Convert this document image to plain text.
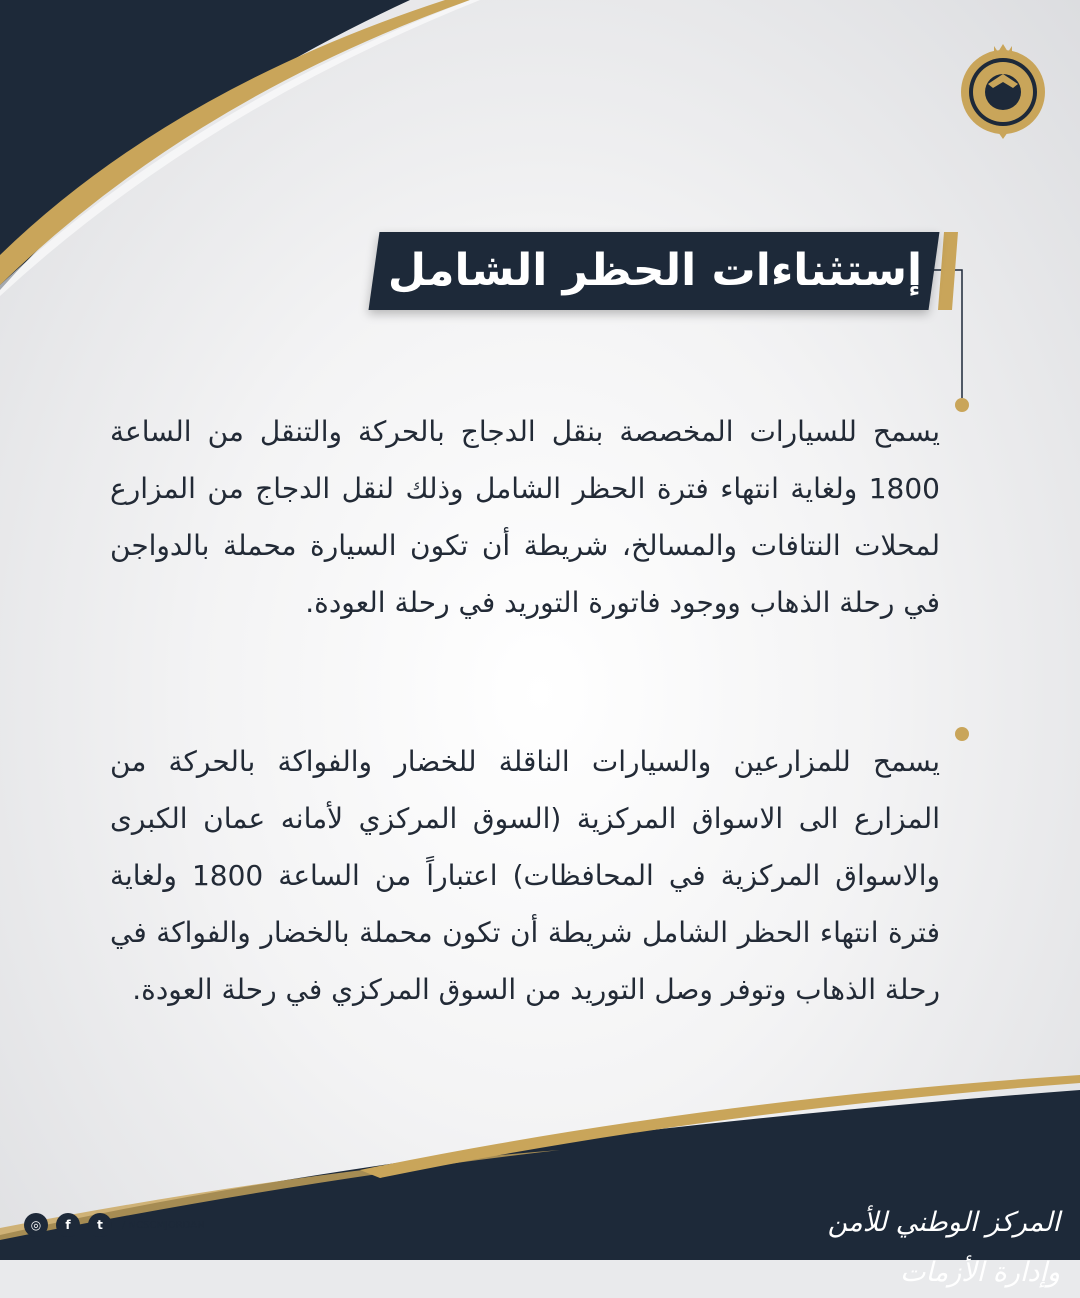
إستثناءات الحظر الشامل

يسمح للسيارات المخصصة بنقل الدجاج بالحركة والتنقل من الساعة 1800 ولغاية انتهاء فترة الحظر الشامل وذلك لنقل الدجاج من المزارع لمحلات النتافات والمسالخ، شريطة أن تكون السيارة محملة بالدواجن في رحلة الذهاب ووجود فاتورة التوريد في رحلة العودة.

يسمح للمزارعين والسيارات الناقلة للخضار والفواكة بالحركة من المزارع الى الاسواق المركزية (السوق المركزي لأمانه عمان الكبرى والاسواق المركزية في المحافظات) اعتباراً من الساعة 1800 ولغاية فترة انتهاء الحظر الشامل شريطة أن تكون محملة بالخضار والفواكة في رحلة الذهاب وتوفر وصل التوريد من السوق المركزي في رحلة العودة.

◎	f	t	/ NCSCMJORDAN	المركز الوطني للأمن وإدارة الأزمات
